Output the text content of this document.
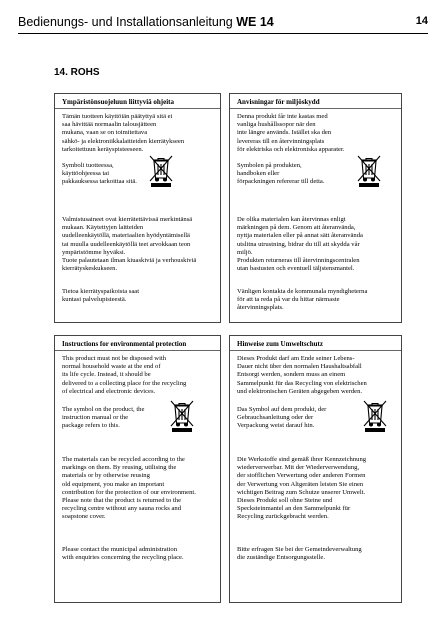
Bedienungs- und Installationsanleitung WE 14	14
14. ROHS
Ympäristönsuojeluun liittyviä ohjeita
Tämän tuotteen käyttöiän päätyttyä sitä ei
saa hävittää normaalin talousjätteen
mukana, vaan se on toimitettava
sähkö- ja elektroniikkalaitteiden kierrätykseen
tarkoitettuun keräyspisteeseen.
Symboli tuotteessa,
käyttöohjeessa tai
pakkauksessa tarkoittaa sitä.
Valmistusaineet ovat kierrätettävissä merkintänsä
mukaan. Käytettyjen laitteiden
uudelleenkäytöllä, materiaalien hyödyntämisellä
tai muulla uudelleenkäytöllä teet arvokkaan teon
ympäristömme hyväksi.
Tuote palautetaan ilman kiuaskiviä ja verhouskiviä
kierrätyskeskukseen.
Tietoa kierrätyspaikoista saat
kuntasi palvelupisteestä.
Anvisningar för miljöskydd
Denna produkt får inte kastas med
vanliga hushållssopor när den
inte längre används. Istället ska den
levereras till en återvinningsplats
för elektriska och elektroniska apparater.
Symbolen på produkten,
handboken eller
förpackningen refererar till detta.
De olika materialen kan återvinnas enligt
märkningen på dem. Genom att återanvända,
nyttja materialen eller på annat sätt återanvända
utslitna utrustning, bidrar du till att skydda vår
miljö.
Produkten returneras till återvinningscentralen
utan bastusten och eventuell täljstensmantel.
Vänligen kontakta de kommunala myndigheterna
för att ta reda på var du hittar närmaste
återvinningsplats.
Instructions for environmental protection
This product must not be disposed with
normal household waste at the end of
its life cycle. Instead, it should be
delivered to a collecting place for the recycling
of electrical and electronic devices.
The symbol on the product, the
instruction manual or the
package refers to this.
The materials can be recycled according to the
markings on them. By reusing, utilising the
materials or by otherwise reusing
old equipment, you make an important
contribution for the protection of our environment.
Please note that the product is returned to the
recycling centre without any sauna rocks and
soapstone cover.
Please contact the municipal administration
with enquiries concerning the recycling place.
Hinweise zum Umweltschutz
Dieses Produkt darf am Ende seiner Lebens-
Dauer nicht über den normalen Haushaltsabfall
Entsorgt werden, sondern muss an einem
Sammelpunkt für das Recycling von elektrischen
und elektronischen Geräten abgegeben werden.
Das Symbol auf dem produkt, der
Gebrauchsanleitung oder der
Verpackung weist darauf hin.
Die Werkstoffe sind gemäß ihrer Kennzeichnung
wiederverwerbar. Mit der Wiederverwendung,
der stofflichen Verwertung oder anderen Formen
der Verwertung von Altgeräten leisten Sie einen
wichtigen Beitrag zum Schutze unserer Umwelt.
Dieses Produkt soll ohne Steine und
Specksteinmantel an den Sammelpunkt für
Recycling zurückgebracht werden.
Bitte erfragen Sie bei der Gemeindeverwaltung
die zuständige Entsorgungsstelle.
